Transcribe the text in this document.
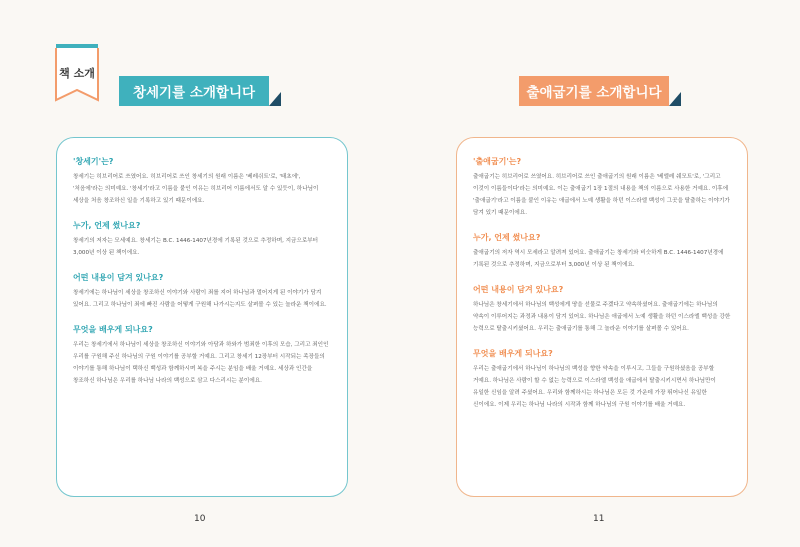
책 소개
창세기를 소개합니다
'창세기'는?

창세기는 히브리어로 쓰였어요. 히브리어로 쓰인 창세기의 원래 이름은 '베레쉬트'로, '태초에', '처음에'라는 의미예요. '창세기'라고 이름을 붙인 이유는 히브리어 이름에서도 알 수 있듯이, 하나님이 세상을 처음 창조하신 일을 기록하고 있기 때문이에요.

누가, 언제 썼나요?

창세기의 저자는 모세예요. 창세기는 B.C. 1446-1407년경에 기록된 것으로 추정하며, 지금으로부터 3,000년 이상 된 책이에요.

어떤 내용이 담겨 있나요?

창세기에는 하나님이 세상을 창조하신 이야기와 사람이 죄를 지어 하나님과 멀어지게 된 이야기가 담겨 있어요. 그리고 하나님이 죄에 빠진 사람을 어떻게 구원해 나가시는지도 살펴볼 수 있는 놀라운 책이에요.

무엇을 배우게 되나요?

우리는 창세기에서 하나님이 세상을 창조하신 이야기와 아담과 하와가 범죄한 이후의 모습, 그리고 죄인인 우리를 구원해 주신 하나님의 구원 이야기를 공부할 거예요. 그리고 창세기 12장부터 시작되는 족장들의 이야기를 통해 하나님이 택하신 백성과 함께하시며 복을 주시는 분임을 배울 거예요. 세상과 인간을 창조하신 하나님은 우리를 하나님 나라의 백성으로 삼고 다스리시는 분이에요.

10
출애굽기를 소개합니다
'출애굽기'는?

출애굽기는 히브리어로 쓰였어요. 히브리어로 쓰인 출애굽기의 원래 이름은 '베엘레 쉐모트'로, '그리고 이것이 이름들이다'라는 의미예요. 이는 출애굽기 1장 1절의 내용을 책의 이름으로 사용한 거예요. 이후에 '출애굽기'라고 이름을 붙인 이유는 애굽에서 노예 생활을 하던 이스라엘 백성이 그곳을 탈출하는 이야기가 담겨 있기 때문이에요.

누가, 언제 썼나요?

출애굽기의 저자 역시 모세라고 알려져 있어요. 출애굽기는 창세기와 비슷하게 B.C. 1446-1407년경에 기록된 것으로 추정하며, 지금으로부터 3,000년 이상 된 책이에요.

어떤 내용이 담겨 있나요?

하나님은 창세기에서 하나님의 백성에게 땅을 선물로 주겠다고 약속하셨어요. 출애굽기에는 하나님의 약속이 이루어지는 과정과 내용이 담겨 있어요. 하나님은 애굽에서 노예 생활을 하던 이스라엘 백성을 강한 능력으로 탈출시키셨어요. 우리는 출애굽기를 통해 그 놀라운 이야기를 살펴볼 수 있어요.

무엇을 배우게 되나요?

우리는 출애굽기에서 하나님이 하나님의 백성을 향한 약속을 이루시고, 그들을 구원하셨음을 공부할 거예요. 하나님은 사람이 할 수 없는 능력으로 이스라엘 백성을 애굽에서 탈출시키시면서 하나님만이 유일한 신임을 알려 주셨어요. 우리와 함께하시는 하나님은 모든 것 가운데 가장 뛰어나신 유일한 신이에요. 이제 우리는 하나님 나라의 시작과 함께 하나님의 구원 이야기를 배울 거예요.

11
